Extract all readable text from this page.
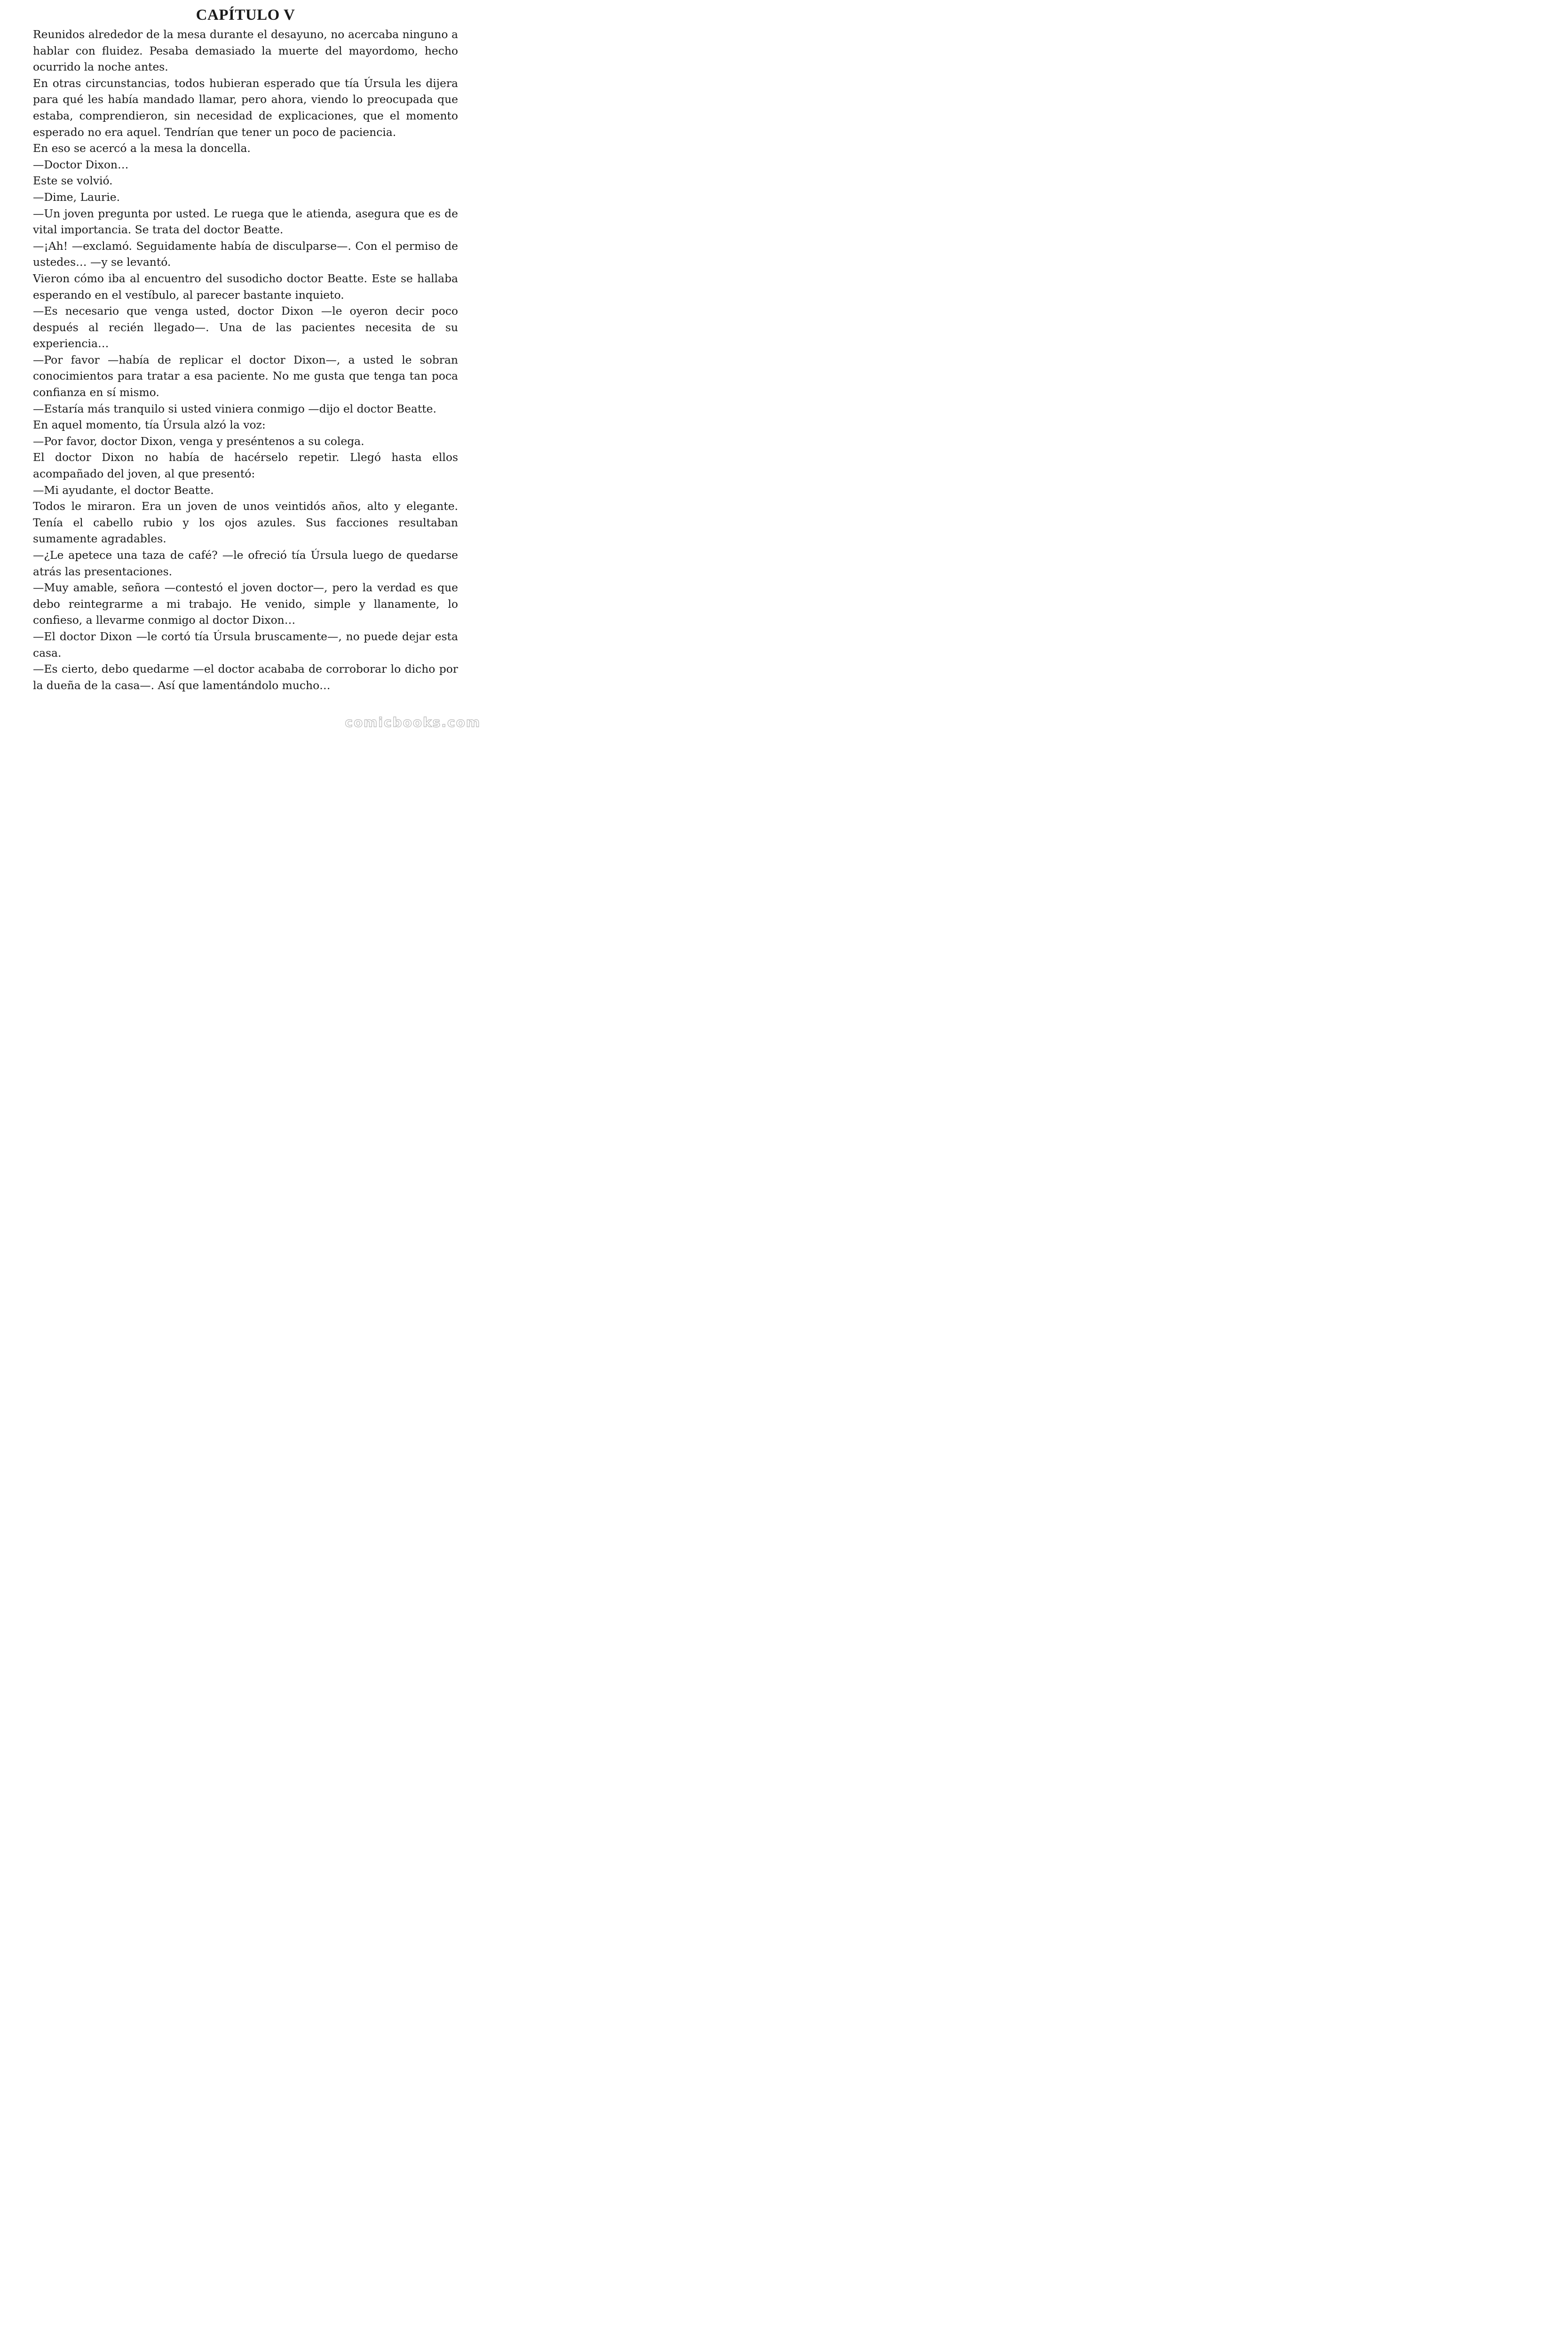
CAPÍTULO V

Reunidos alrededor de la mesa durante el desayuno, no acercaba ninguno a hablar con fluidez. Pesaba demasiado la muerte del mayordomo, hecho ocurrido la noche antes.

En otras circunstancias, todos hubieran esperado que tía Úrsula les dijera para qué les había mandado llamar, pero ahora, viendo lo preocupada que estaba, comprendieron, sin necesidad de explicaciones, que el momento esperado no era aquel. Tendrían que tener un poco de paciencia.

En eso se acercó a la mesa la doncella.

—Doctor Dixon…

Este se volvió.

—Dime, Laurie.

—Un joven pregunta por usted. Le ruega que le atienda, asegura que es de vital importancia. Se trata del doctor Beatte.

—¡Ah! —exclamó. Seguidamente había de disculparse—. Con el permiso de ustedes… —y se levantó.

Vieron cómo iba al encuentro del susodicho doctor Beatte. Este se hallaba esperando en el vestíbulo, al parecer bastante inquieto.

—Es necesario que venga usted, doctor Dixon —le oyeron decir poco después al recién llegado—. Una de las pacientes necesita de su experiencia…

—Por favor —había de replicar el doctor Dixon—, a usted le sobran conocimientos para tratar a esa paciente. No me gusta que tenga tan poca confianza en sí mismo.

—Estaría más tranquilo si usted viniera conmigo —dijo el doctor Beatte.

En aquel momento, tía Úrsula alzó la voz:

—Por favor, doctor Dixon, venga y preséntenos a su colega.

El doctor Dixon no había de hacérselo repetir. Llegó hasta ellos acompañado del joven, al que presentó:

—Mi ayudante, el doctor Beatte.

Todos le miraron. Era un joven de unos veintidós años, alto y elegante. Tenía el cabello rubio y los ojos azules. Sus facciones resultaban sumamente agradables.

—¿Le apetece una taza de café? —le ofreció tía Úrsula luego de quedarse atrás las presentaciones.

—Muy amable, señora —contestó el joven doctor—, pero la verdad es que debo reintegrarme a mi trabajo. He venido, simple y llanamente, lo confieso, a llevarme conmigo al doctor Dixon…

—El doctor Dixon —le cortó tía Úrsula bruscamente—, no puede dejar esta casa.

—Es cierto, debo quedarme —el doctor acababa de corroborar lo dicho por la dueña de la casa—. Así que lamentándolo mucho…

comicbooks.com
